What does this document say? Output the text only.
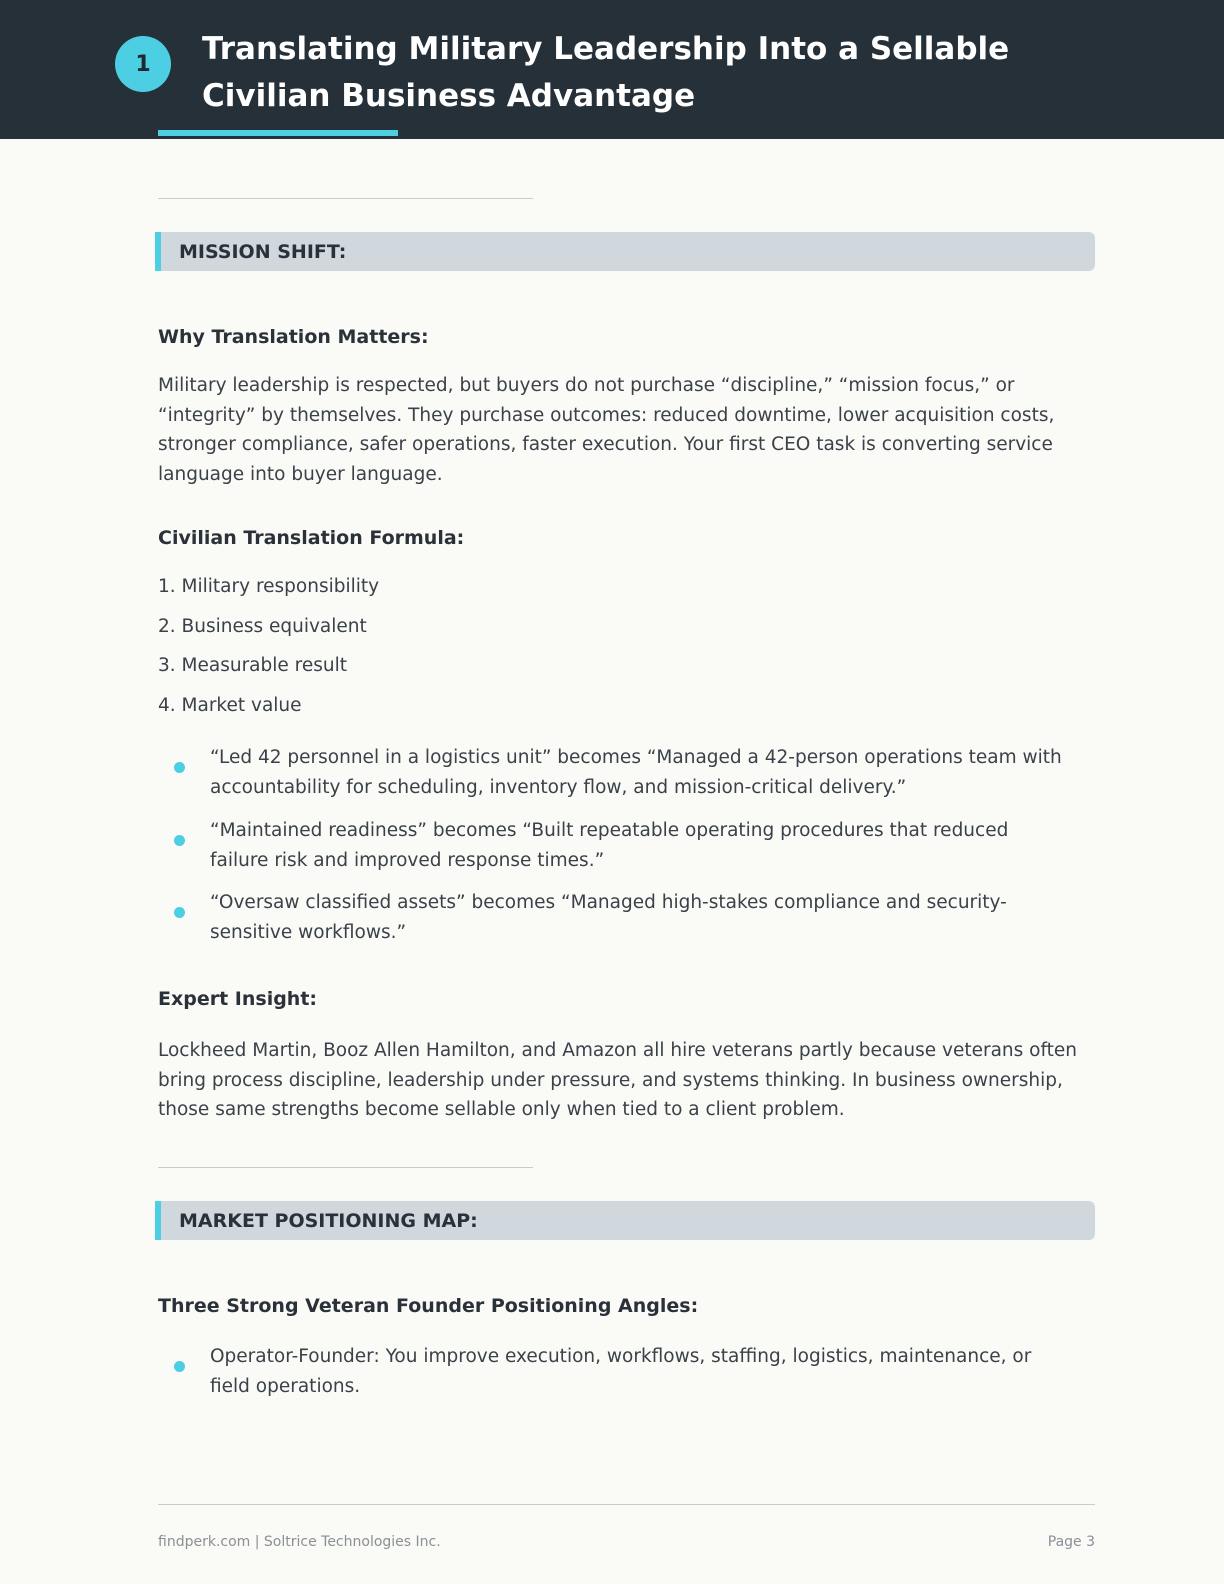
1	Translating Military Leadership Into a Sellable Civilian Business Advantage
MISSION SHIFT:
Why Translation Matters:
Military leadership is respected, but buyers do not purchase “discipline,” “mission focus,” or “integrity” by themselves. They purchase outcomes: reduced downtime, lower acquisition costs, stronger compliance, safer operations, faster execution. Your first CEO task is converting service language into buyer language.
Civilian Translation Formula:
1. Military responsibility
2. Business equivalent
3. Measurable result
4. Market value
“Led 42 personnel in a logistics unit” becomes “Managed a 42-person operations team with accountability for scheduling, inventory flow, and mission-critical delivery.”
“Maintained readiness” becomes “Built repeatable operating procedures that reduced failure risk and improved response times.”
“Oversaw classified assets” becomes “Managed high-stakes compliance and security-sensitive workflows.”
Expert Insight:
Lockheed Martin, Booz Allen Hamilton, and Amazon all hire veterans partly because veterans often bring process discipline, leadership under pressure, and systems thinking. In business ownership, those same strengths become sellable only when tied to a client problem.
MARKET POSITIONING MAP:
Three Strong Veteran Founder Positioning Angles:
Operator-Founder: You improve execution, workflows, staffing, logistics, maintenance, or field operations.
findperk.com | Soltrice Technologies Inc.	Page 3
